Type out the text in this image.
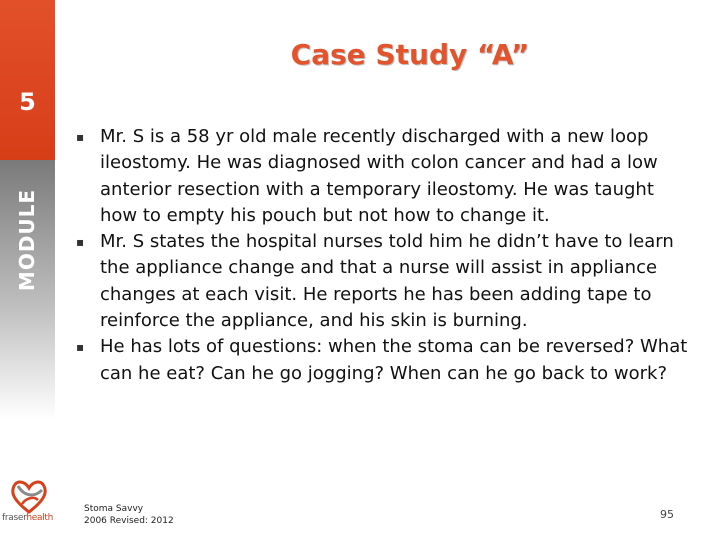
5
MODULE
Case Study “A”
▪ Mr. S is a 58 yr old male recently discharged with a new loop ileostomy. He was diagnosed with colon cancer and had a low anterior resection with a temporary ileostomy. He was taught how to empty his pouch but not how to change it.
▪ Mr. S states the hospital nurses told him he didn’t have to learn the appliance change and that a nurse will assist in appliance changes at each visit. He reports he has been adding tape to reinforce the appliance, and his skin is burning.
▪ He has lots of questions: when the stoma can be reversed? What can he eat? Can he go jogging? When can he go back to work?
Stoma Savvy
2006 Revised: 2012	95
fraserhealth
